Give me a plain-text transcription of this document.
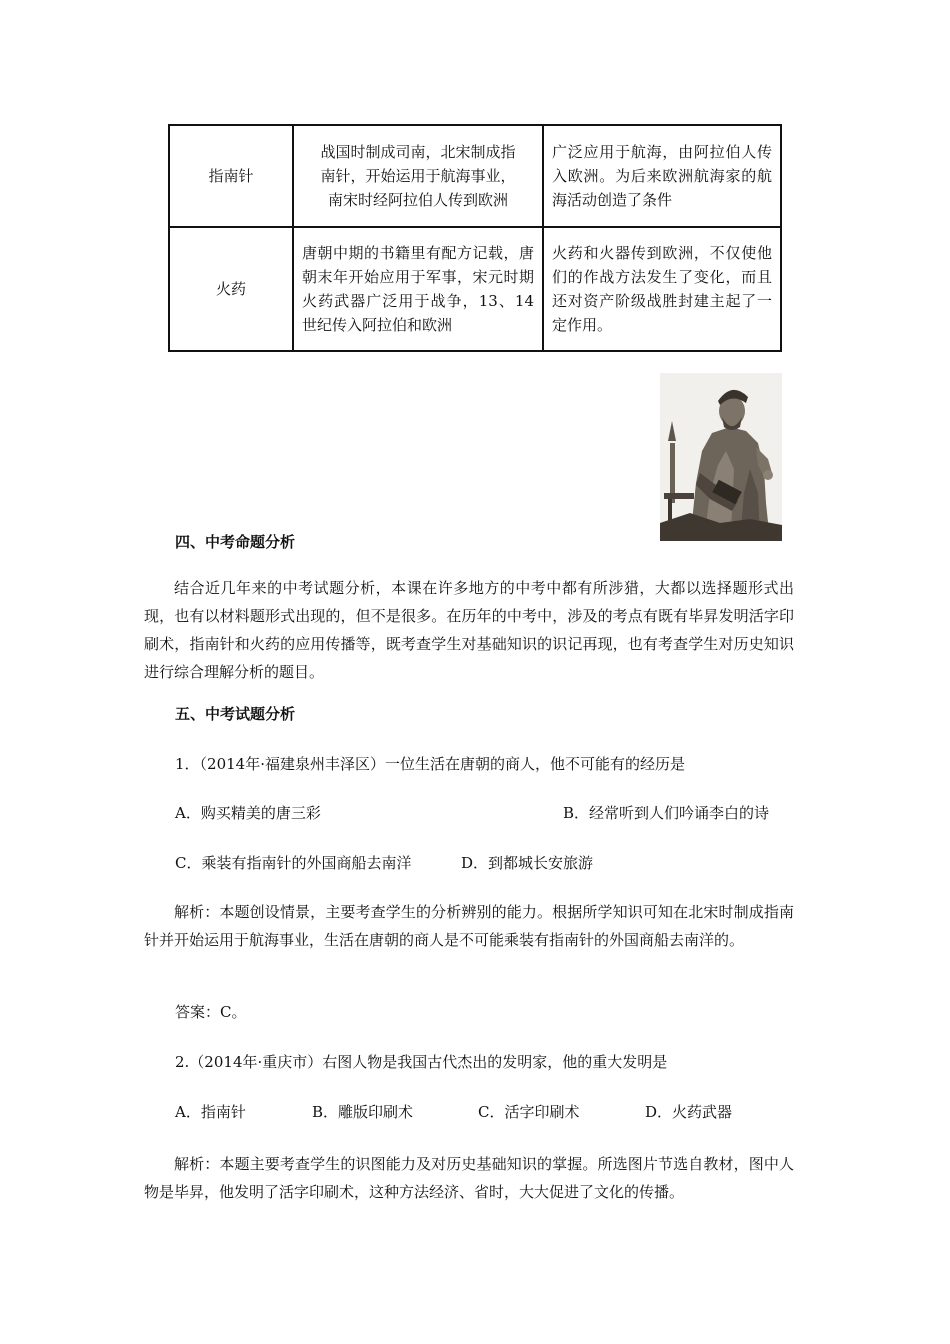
指南针	战国时制成司南，北宋制成指
南针，开始运用于航海事业，
南宋时经阿拉伯人传到欧洲	广泛应用于航海，由阿拉伯人传入欧洲。为后来欧洲航海家的航海活动创造了条件
火药	唐朝中期的书籍里有配方记载，唐朝末年开始应用于军事，宋元时期火药武器广泛用于战争，13、14世纪传入阿拉伯和欧洲	火药和火器传到欧洲，不仅使他们的作战方法发生了变化，而且还对资产阶级战胜封建主起了一定作用。
四、中考命题分析
结合近几年来的中考试题分析，本课在许多地方的中考中都有所涉猎，大都以选择题形式出现，也有以材料题形式出现的，但不是很多。在历年的中考中，涉及的考点有既有毕昇发明活字印刷术，指南针和火药的应用传播等，既考查学生对基础知识的识记再现，也有考查学生对历史知识进行综合理解分析的题目。
五、中考试题分析
1．（2014年·福建泉州丰泽区）一位生活在唐朝的商人，他不可能有的经历是
A．购买精美的唐三彩	B．经常听到人们吟诵李白的诗
C．乘装有指南针的外国商船去南洋	D．到都城长安旅游
解析：本题创设情景，主要考查学生的分析辨别的能力。根据所学知识可知在北宋时制成指南针并开始运用于航海事业，生活在唐朝的商人是不可能乘装有指南针的外国商船去南洋的。
答案：C。
2.（2014年·重庆市）右图人物是我国古代杰出的发明家，他的重大发明是
A．指南针	B．雕版印刷术	C．活字印刷术	D．火药武器
解析：本题主要考查学生的识图能力及对历史基础知识的掌握。所选图片节选自教材，图中人物是毕昇，他发明了活字印刷术，这种方法经济、省时，大大促进了文化的传播。
